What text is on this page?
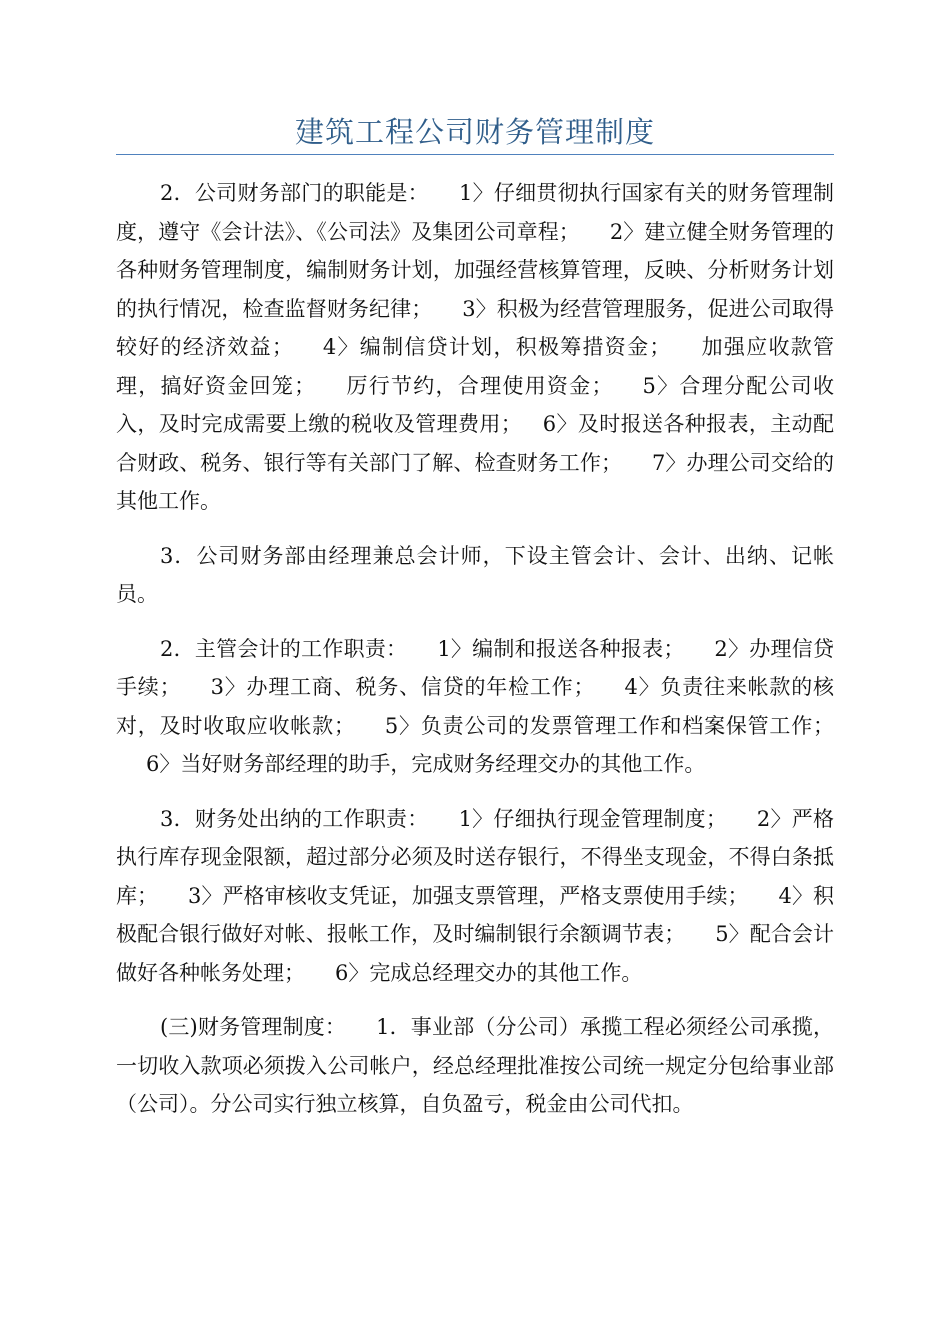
建筑工程公司财务管理制度

2．公司财务部门的职能是： 1〉仔细贯彻执行国家有关的财务管理制度，遵守《会计法》、《公司法》及集团公司章程； 2〉建立健全财务管理的各种财务管理制度，编制财务计划，加强经营核算管理，反映、分析财务计划的执行情况，检查监督财务纪律； 3〉积极为经营管理服务，促进公司取得较好的经济效益； 4〉编制信贷计划，积极筹措资金； 加强应收款管理，搞好资金回笼； 厉行节约，合理使用资金； 5〉合理分配公司收入，及时完成需要上缴的税收及管理费用； 6〉及时报送各种报表，主动配合财政、税务、银行等有关部门了解、检查财务工作； 7〉办理公司交给的其他工作。

3．公司财务部由经理兼总会计师，下设主管会计、会计、出纳、记帐员。

2．主管会计的工作职责： 1〉编制和报送各种报表； 2〉办理信贷手续； 3〉办理工商、税务、信贷的年检工作； 4〉负责往来帐款的核对，及时收取应收帐款； 5〉负责公司的发票管理工作和档案保管工作；6〉当好财务部经理的助手，完成财务经理交办的其他工作。

3．财务处出纳的工作职责： 1〉仔细执行现金管理制度； 2〉严格执行库存现金限额，超过部分必须及时送存银行，不得坐支现金，不得白条抵库； 3〉严格审核收支凭证，加强支票管理，严格支票使用手续； 4〉积极配合银行做好对帐、报帐工作，及时编制银行余额调节表； 5〉配合会计做好各种帐务处理； 6〉完成总经理交办的其他工作。

(三)财务管理制度： 1．事业部（分公司）承揽工程必须经公司承揽，一切收入款项必须拨入公司帐户，经总经理批准按公司统一规定分包给事业部（公司）。分公司实行独立核算，自负盈亏，税金由公司代扣。
